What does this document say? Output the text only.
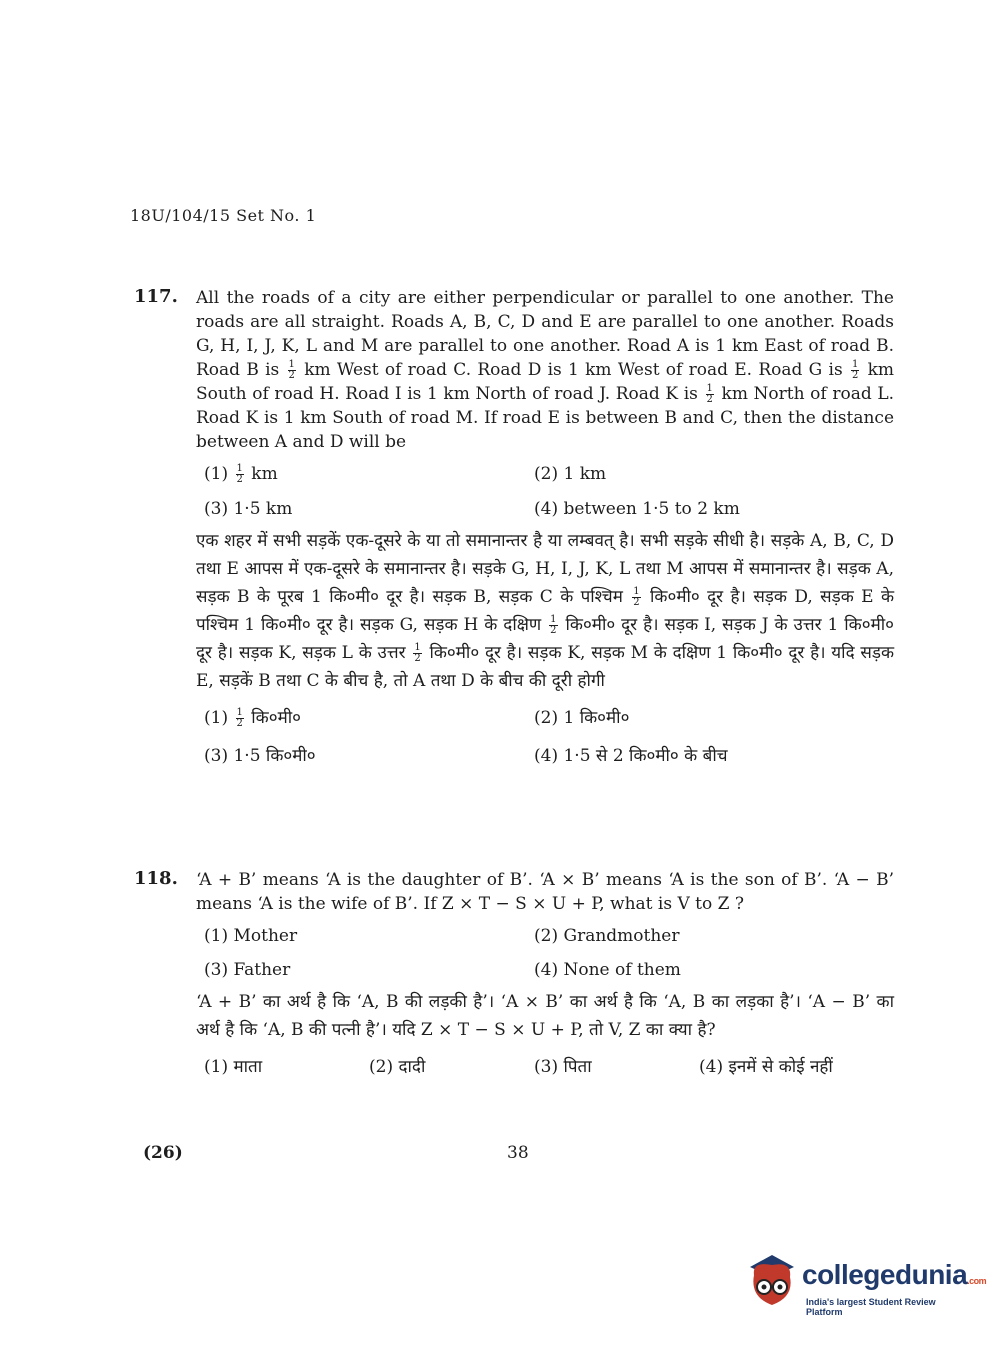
18U/104/15 Set No. 1
117. All the roads of a city are either perpendicular or parallel to one another. The roads are all straight. Roads A, B, C, D and E are parallel to one another. Roads G, H, I, J, K, L and M are parallel to one another. Road A is 1 km East of road B. Road B is $\frac{1}{2}$ km West of road C. Road D is 1 km West of road E. Road G is $\frac{1}{2}$ km South of road H. Road I is 1 km North of road J. Road K is $\frac{1}{2}$ km North of road L. Road K is 1 km South of road M. If road E is between B and C, then the distance between A and D will be
$(1) \frac{1}{2}$ km	(2) 1 km
(3) 1·5 km	(4) between 1·5 to 2 km
एक शहर में सभी सड़कें एक-दूसरे के या तो समानान्तर है या लम्बवत् है। सभी सड़के सीधी है। सड़के A, B, C, D तथा E आपस में एक-दूसरे के समानान्तर है। सड़के G, H, I, J, K, L तथा M आपस में समानान्तर है। सड़क A, सड़क B के पूरब 1 कि०मी० दूर है। सड़क B, सड़क C के पश्चिम $\frac{1}{2}$ कि०मी० दूर है। सड़क D, सड़क E के पश्चिम 1 कि०मी० दूर है। सड़क G, सड़क H के दक्षिण $\frac{1}{2}$ कि०मी० दूर है। सड़क I, सड़क J के उत्तर 1 कि०मी० दूर है। सड़क K, सड़क L के उत्तर $\frac{1}{2}$ कि०मी० दूर है। सड़क K, सड़क M के दक्षिण 1 कि०मी० दूर है। यदि सड़क E, सड़कें B तथा C के बीच है, तो A तथा D के बीच की दूरी होगी
$(1) \frac{1}{2}$ कि०मी०	(2) 1 कि०मी०
(3) 1·5 कि०मी०	(4) 1·5 से 2 कि०मी० के बीच
118. ‘A + B’ means ‘A is the daughter of B’. ‘A × B’ means ‘A is the son of B’. ‘A − B’ means ‘A is the wife of B’. If Z × T − S × U + P, what is V to Z ?
(1) Mother	(2) Grandmother
(3) Father	(4) None of them
‘A + B’ का अर्थ है कि ‘A, B की लड़की है’। ‘A × B’ का अर्थ है कि ‘A, B का लड़का है’। ‘A − B’ का अर्थ है कि ‘A, B की पत्नी है’। यदि Z × T − S × U + P, तो V, Z का क्या है?
(1) माता	(2) दादी	(3) पिता	(4) इनमें से कोई नहीं
(26)	38
collegedunia.com
India's largest Student Review Platform
